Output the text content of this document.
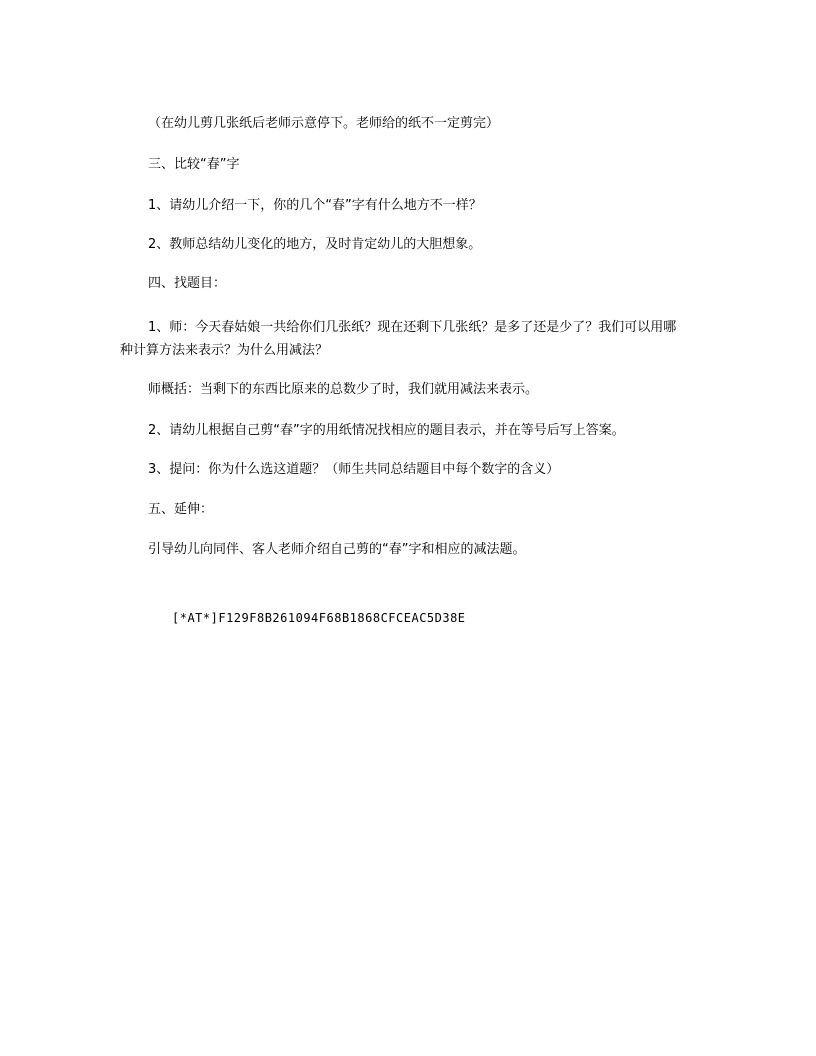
（在幼儿剪几张纸后老师示意停下。老师给的纸不一定剪完）

三、比较“春”字

1、请幼儿介绍一下，你的几个“春”字有什么地方不一样？

2、教师总结幼儿变化的地方，及时肯定幼儿的大胆想象。

四、找题目：

1、师：今天春姑娘一共给你们几张纸？现在还剩下几张纸？是多了还是少了？我们可以用哪种计算方法来表示？为什么用减法？

师概括：当剩下的东西比原来的总数少了时，我们就用减法来表示。

2、请幼儿根据自己剪“春”字的用纸情况找相应的题目表示，并在等号后写上答案。

3、提问：你为什么选这道题？（师生共同总结题目中每个数字的含义）

五、延伸：

引导幼儿向同伴、客人老师介绍自己剪的“春”字和相应的减法题。

[*AT*]F129F8B261094F68B1868CFCEAC5D38E
